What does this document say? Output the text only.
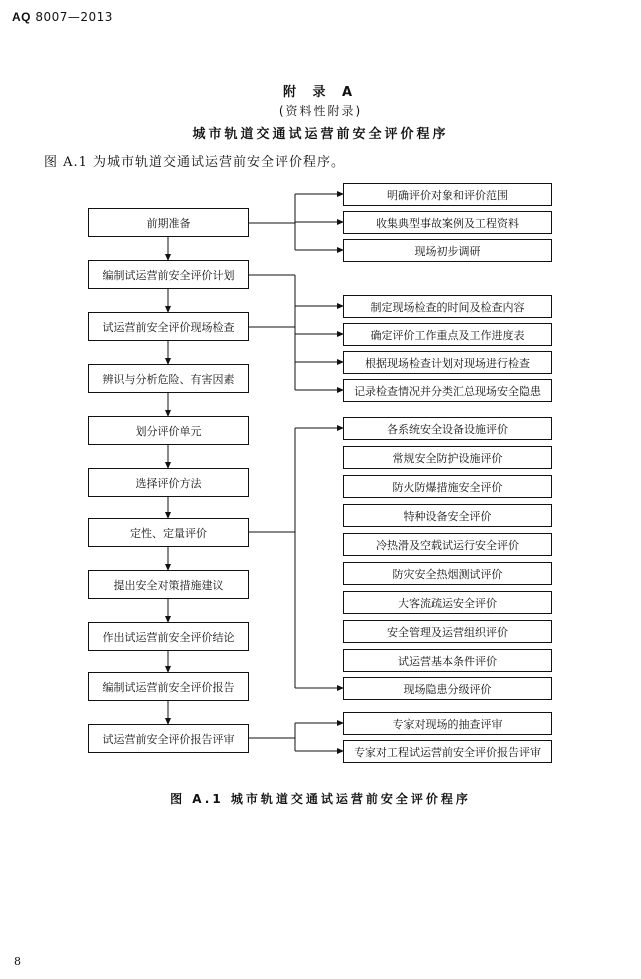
AQ 8007—2013
附 录 A
(资料性附录)
城市轨道交通试运营前安全评价程序
图 A.1 为城市轨道交通试运营前安全评价程序。
前期准备
编制试运营前安全评价计划
试运营前安全评价现场检查
辨识与分析危险、有害因素
划分评价单元
选择评价方法
定性、定量评价
提出安全对策措施建议
作出试运营前安全评价结论
编制试运营前安全评价报告
试运营前安全评价报告评审
明确评价对象和评价范围
收集典型事故案例及工程资料
现场初步调研
制定现场检查的时间及检查内容
确定评价工作重点及工作进度表
根据现场检查计划对现场进行检查
记录检查情况并分类汇总现场安全隐患
各系统安全设备设施评价
常规安全防护设施评价
防火防爆措施安全评价
特种设备安全评价
冷热滑及空载试运行安全评价
防灾安全热烟测试评价
大客流疏运安全评价
安全管理及运营组织评价
试运营基本条件评价
现场隐患分级评价
专家对现场的抽查评审
专家对工程试运营前安全评价报告评审
图 A.1 城市轨道交通试运营前安全评价程序
8
